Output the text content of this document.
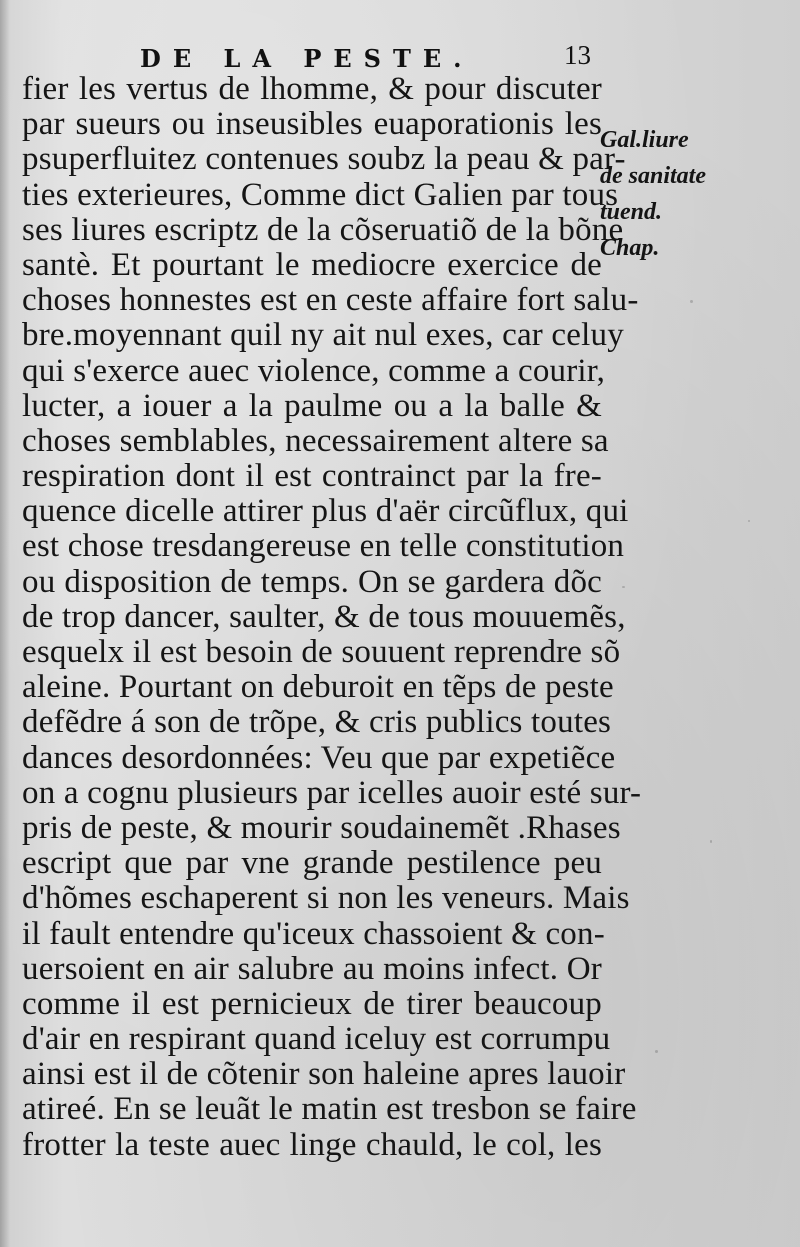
DE LA PESTE.	13
fier les vertus de lhomme, & pour discuter
par sueurs ou inseusibles euaporationis les
psuperfluitez contenues soubz la peau & par-
ties exterieures, Comme dict Galien par tous
ses liures escriptz de la cõseruatiõ de la bõne
santè. Et pourtant le mediocre exercice de
choses honnestes est en ceste affaire fort salu-
bre.moyennant quil ny ait nul exes, car celuy
qui s'exerce auec violence, comme a courir,
lucter, a iouer a la paulme ou a la balle &
choses semblables, necessairement altere sa
respiration dont il est contrainct par la fre-
quence dicelle attirer plus d'aër circũflux, qui
est chose tresdangereuse en telle constitution
ou disposition de temps. On se gardera dõc
de trop dancer, saulter, & de tous mouuemẽs,
esquelx il est besoin de souuent reprendre sõ
aleine. Pourtant on deburoit en tẽps de peste
defẽdre á son de trõpe, & cris publics toutes
dances desordonnées: Veu que par expetiẽce
on a cognu plusieurs par icelles auoir esté sur-
pris de peste, & mourir soudainemẽt .Rhases
escript que par vne grande pestilence peu
d'hõmes eschaperent si non les veneurs. Mais
il fault entendre qu'iceux chassoient & con-
uersoient en air salubre au moins infect. Or
comme il est pernicieux de tirer beaucoup
d'air en respirant quand iceluy est corrumpu
ainsi est il de cõtenir son haleine apres lauoir
atireé. En se leuãt le matin est tresbon se faire
frotter la teste auec linge chauld, le col, les
Gal.liure
de sanitate
tuend.
Chap.
